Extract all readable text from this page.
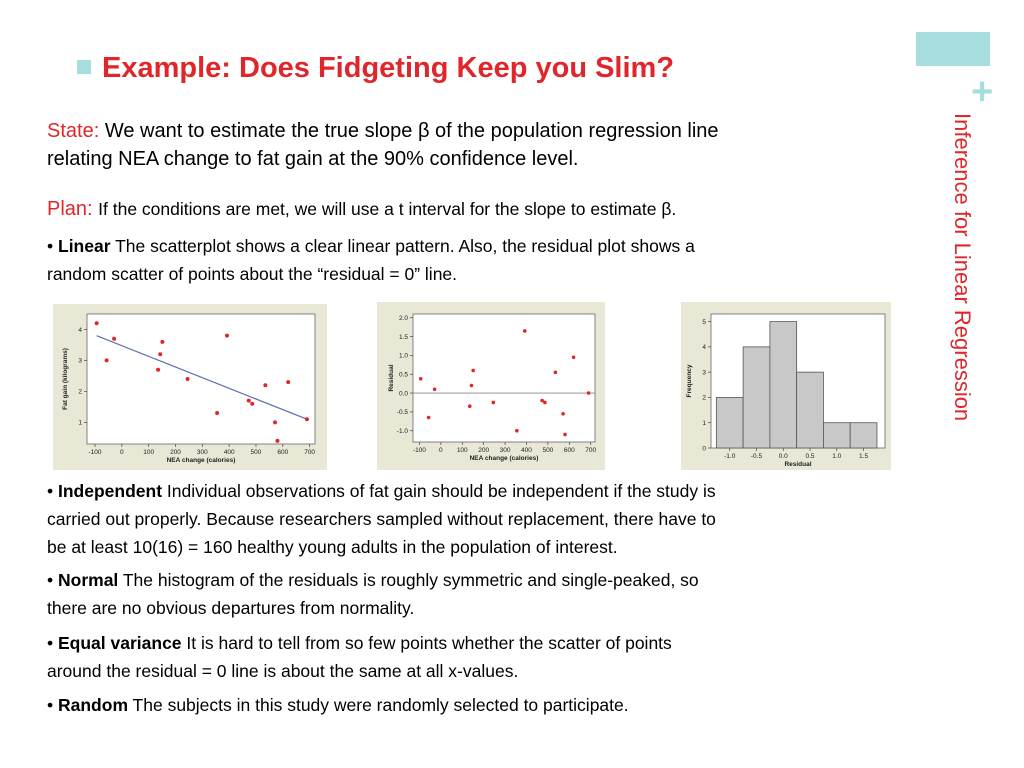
+
Inference for Linear Regression
Example: Does Fidgeting Keep you Slim?
State: We want to estimate the true slope β of the population regression line
relating NEA change to fat gain at the 90% confidence level.
Plan: If the conditions are met, we will use a t interval for the slope to estimate β.
• Linear The scatterplot shows a clear linear pattern. Also, the residual plot shows a
random scatter of points about the “residual = 0” line.
-100	0	100 200 300 400 500 600 700
1
2
3
4
NEA change (calories)
Fat gain (kilograms)
-100 0 100 200 300 400 500 600 700
-1.0
-0.5
0.0
0.5
1.0
1.5
2.0
NEA change (calories)
Residual
-1.0 -0.5	0.0	0.5	1.0	1.5
0
1
2
3
4
5
Residual
Frequency
• Independent Individual observations of fat gain should be independent if the study is
carried out properly. Because researchers sampled without replacement, there have to
be at least 10(16) = 160 healthy young adults in the population of interest.
• Normal The histogram of the residuals is roughly symmetric and single-peaked, so
there are no obvious departures from normality.
• Equal variance It is hard to tell from so few points whether the scatter of points
around the residual = 0 line is about the same at all x-values.
• Random The subjects in this study were randomly selected to participate.
